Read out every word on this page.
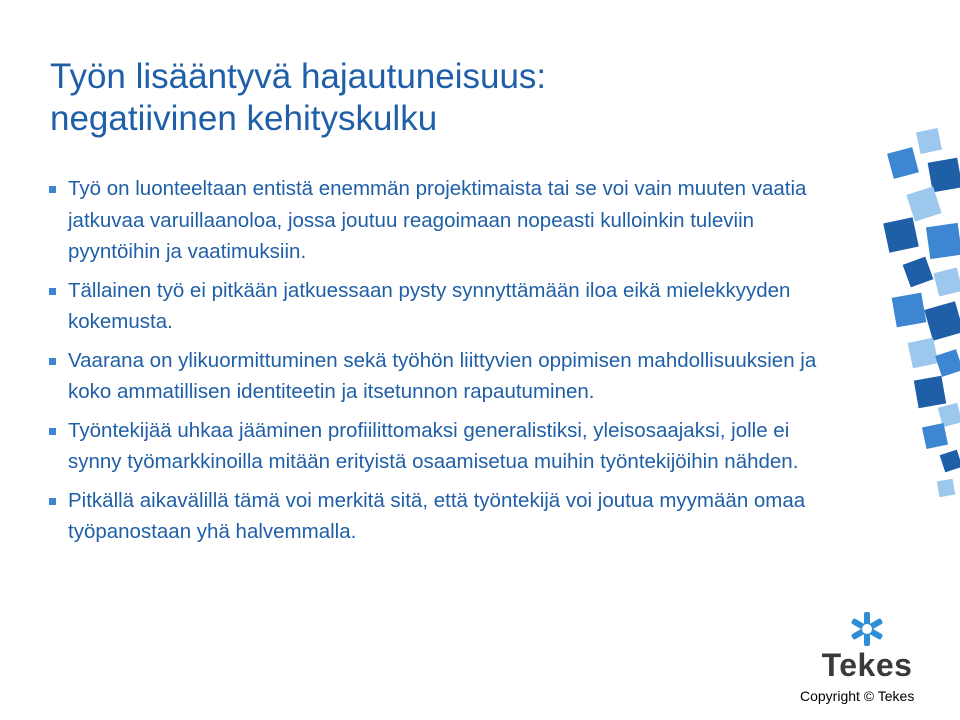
Työn lisääntyvä hajautuneisuus:
negatiivinen kehityskulku
Työ on luonteeltaan entistä enemmän projektimaista tai se voi vain muuten vaatia jatkuvaa varuillaanoloa, jossa joutuu reagoimaan nopeasti kulloinkin tuleviin pyyntöihin ja vaatimuksiin.
Tällainen työ ei pitkään jatkuessaan pysty synnyttämään iloa eikä mielekkyyden kokemusta.
Vaarana on ylikuormittuminen sekä työhön liittyvien oppimisen mahdollisuuksien ja koko ammatillisen identiteetin ja itsetunnon rapautuminen.
Työntekijää uhkaa jääminen profiilittomaksi generalistiksi, yleisosaajaksi, jolle ei synny työmarkkinoilla mitään erityistä osaamisetua muihin työntekijöihin nähden.
Pitkällä aikavälillä tämä voi merkitä sitä, että työntekijä voi joutua myymään omaa työpanostaan yhä halvemmalla.
Tekes
Copyright © Tekes
